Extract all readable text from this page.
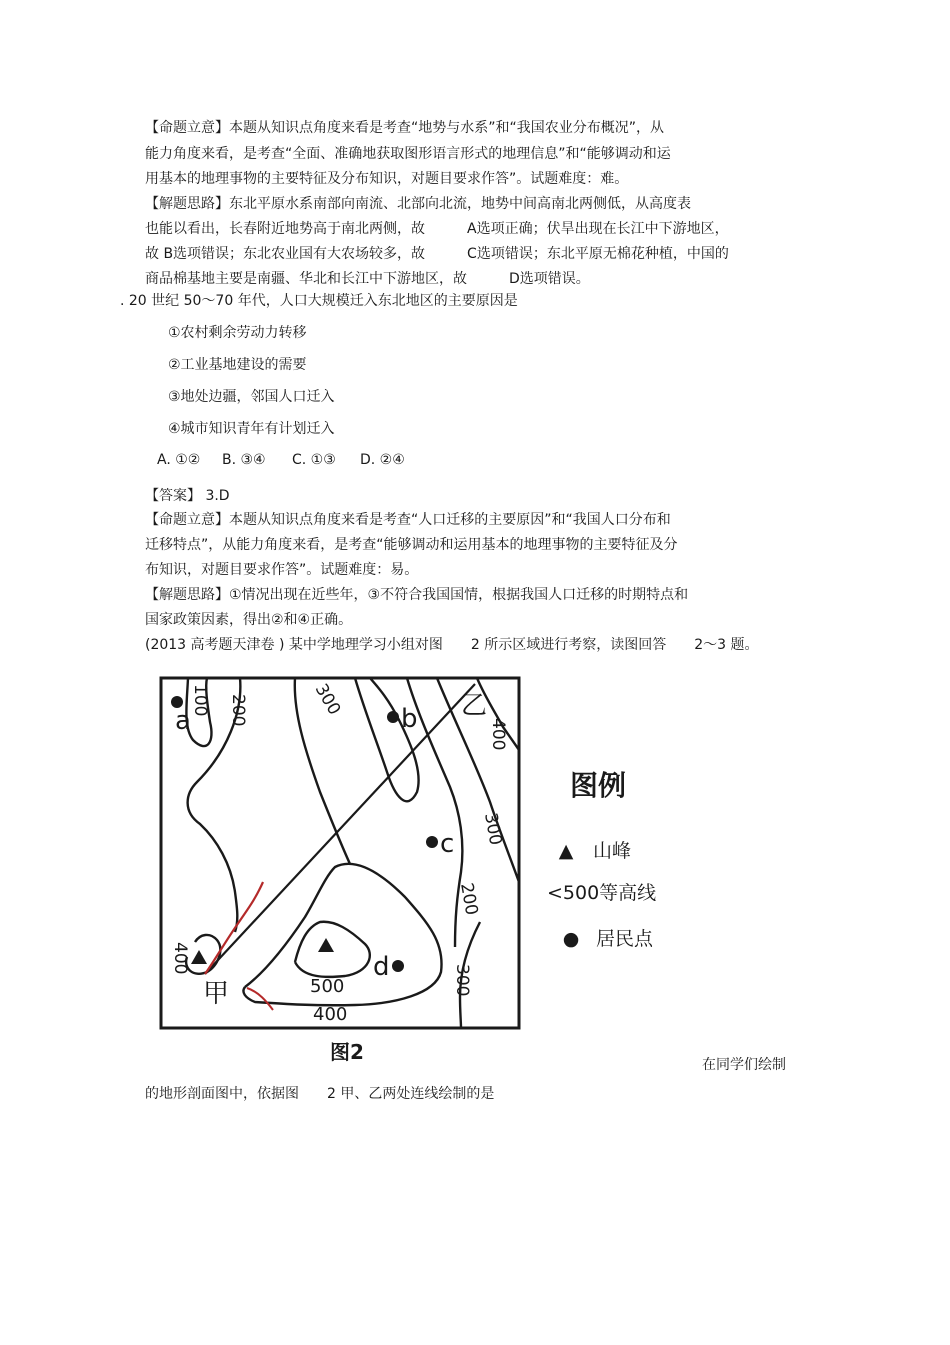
【命题立意】本题从知识点角度来看是考查“地势与水系”和“我国农业分布概况”，从
能力角度来看，是考查“全面、准确地获取图形语言形式的地理信息”和“能够调动和运
用基本的地理事物的主要特征及分布知识，对题目要求作答”。试题难度：难。
【解题思路】东北平原水系南部向南流、北部向北流，地势中间高南北两侧低，从高度表
也能以看出，长春附近地势高于南北两侧，故　　　A选项正确；伏旱出现在长江中下游地区，
故 B选项错误；东北农业国有大农场较多，故　　　C选项错误；东北平原无棉花种植，中国的
商品棉基地主要是南疆、华北和长江中下游地区，故　　　D选项错误。
. 20 世纪 50～70 年代，人口大规模迁入东北地区的主要原因是
①农村剩余劳动力转移
②工业基地建设的需要
③地处边疆，邻国人口迁入
④城市知识青年有计划迁入
A. ①② B. ③④ C. ①③ D. ②④
【答案】 3.D
【命题立意】本题从知识点角度来看是考查“人口迁移的主要原因”和“我国人口分布和
迁移特点”，从能力角度来看，是考查“能够调动和运用基本的地理事物的主要特征及分
布知识，对题目要求作答”。试题难度：易。
【解题思路】①情况出现在近些年，③不符合我国国情，根据我国人口迁移的时期特点和
国家政策因素，得出②和④正确。
(2013 高考题天津卷 ) 某中学地理学习小组对图　　2 所示区域进行考察，读图回答　　2～3 题。
a	b
c
d
100 200	300
400
300
200
300
400
500
400
甲
乙
图例
▲ 山峰
<500等高线
● 居民点
图2
在同学们绘制
的地形剖面图中，依据图　　2 甲、乙两处连线绘制的是
